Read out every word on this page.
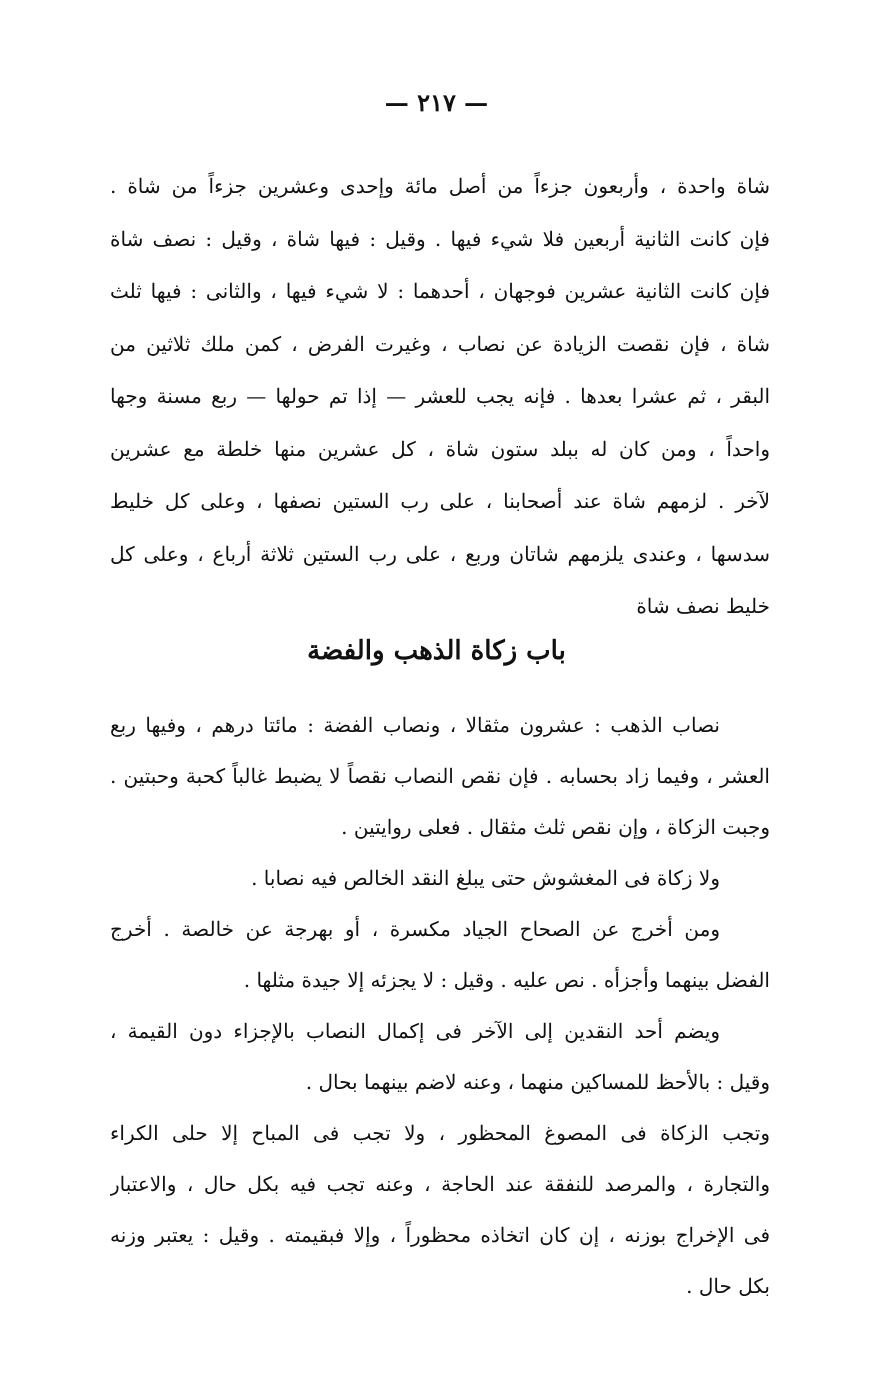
— ٢١٧ —
شاة واحدة ، وأربعون جزءاً من أصل مائة وإحدى وعشرين جزءاً من شاة .
فإن كانت الثانية أربعين فلا شيء فيها . وقيل : فيها شاة ، وقيل : نصف شاة
فإن كانت الثانية عشرين فوجهان ، أحدهما : لا شيء فيها ، والثانى : فيها ثلث
شاة ، فإن نقصت الزيادة عن نصاب ، وغيرت الفرض ، كمن ملك ثلاثين من
البقر ، ثم عشرا بعدها . فإنه يجب للعشر — إذا تم حولها — ربع مسنة وجها
واحداً ، ومن كان له ببلد ستون شاة ، كل عشرين منها خلطة مع عشرين
لآخر . لزمهم شاة عند أصحابنا ، على رب الستين نصفها ، وعلى كل خليط
سدسها ، وعندى يلزمهم شاتان وربع ، على رب الستين ثلاثة أرباع ، وعلى كل
خليط نصف شاة
باب زكاة الذهب والفضة
نصاب الذهب : عشرون مثقالا ، ونصاب الفضة : مائتا درهم ، وفيها ربع
العشر ، وفيما زاد بحسابه . فإن نقص النصاب نقصاً لا يضبط غالباً كحبة وحبتين .
وجبت الزكاة ، وإن نقص ثلث مثقال . فعلى روايتين .
ولا زكاة فى المغشوش حتى يبلغ النقد الخالص فيه نصابا .
ومن أخرج عن الصحاح الجياد مكسرة ، أو بهرجة عن خالصة . أخرج
الفضل بينهما وأجزأه . نص عليه . وقيل : لا يجزئه إلا جيدة مثلها .
ويضم أحد النقدين إلى الآخر فى إكمال النصاب بالإجزاء دون القيمة ،
وقيل : بالأحظ للمساكين منهما ، وعنه لاضم بينهما بحال .
وتجب الزكاة فى المصوغ المحظور ، ولا تجب فى المباح إلا حلى الكراء
والتجارة ، والمرصد للنفقة عند الحاجة ، وعنه تجب فيه بكل حال ، والاعتبار
فى الإخراج بوزنه ، إن كان اتخاذه محظوراً ، وإلا فبقيمته . وقيل : يعتبر وزنه
بكل حال .
